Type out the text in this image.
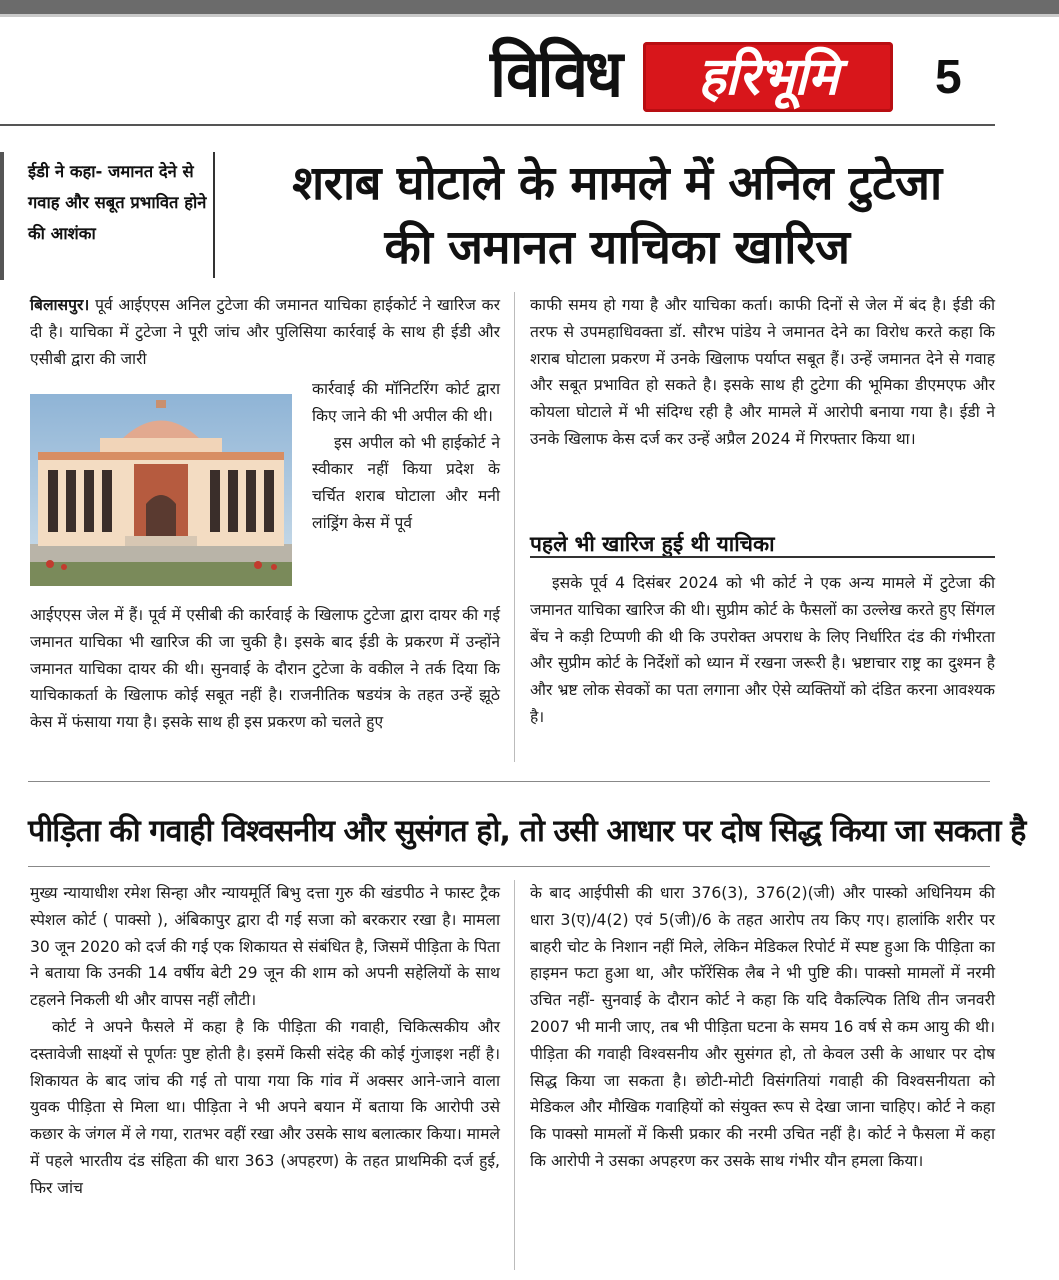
विविध	हरिभूमि	5
ईडी ने कहा- जमानत देने से गवाह और सबूत प्रभावित होने की आशंका
शराब घोटाले के मामले में अनिल टुटेजा
की जमानत याचिका खारिज

बिलासपुर। पूर्व आईएएस अनिल टुटेजा की जमानत याचिका हाईकोर्ट ने खारिज कर दी है। याचिका में टुटेजा ने पूरी जांच और पुलिसिया कार्रवाई के साथ ही ईडी और एसीबी द्वारा की जारी

कार्रवाई की मॉनिटरिंग कोर्ट द्वारा किए जाने की भी अपील की थी।

इस अपील को भी हाईकोर्ट ने स्वीकार नहीं किया प्रदेश के चर्चित शराब घोटाला और मनी लांड्रिंग केस में पूर्व

आईएएस जेल में हैं। पूर्व में एसीबी की कार्रवाई के खिलाफ टुटेजा द्वारा दायर की गई जमानत याचिका भी खारिज की जा चुकी है। इसके बाद ईडी के प्रकरण में उन्होंने जमानत याचिका दायर की थी। सुनवाई के दौरान टुटेजा के वकील ने तर्क दिया कि याचिकाकर्ता के खिलाफ कोई सबूत नहीं है। राजनीतिक षडयंत्र के तहत उन्हें झूठे केस में फंसाया गया है। इसके साथ ही इस प्रकरण को चलते हुए

काफी समय हो गया है और याचिका कर्ता। काफी दिनों से जेल में बंद है। ईडी की तरफ से उपमहाधिवक्ता डॉ. सौरभ पांडेय ने जमानत देने का विरोध करते कहा कि शराब घोटाला प्रकरण में उनके खिलाफ पर्याप्त सबूत हैं। उन्हें जमानत देने से गवाह और सबूत प्रभावित हो सकते है। इसके साथ ही टुटेगा की भूमिका डीएमएफ और कोयला घोटाले में भी संदिग्ध रही है और मामले में आरोपी बनाया गया है। ईडी ने उनके खिलाफ केस दर्ज कर उन्हें अप्रैल 2024 में गिरफ्तार किया था।

पहले भी खारिज हुई थी याचिका

इसके पूर्व 4 दिसंबर 2024 को भी कोर्ट ने एक अन्य मामले में टुटेजा की जमानत याचिका खारिज की थी। सुप्रीम कोर्ट के फैसलों का उल्लेख करते हुए सिंगल बेंच ने कड़ी टिप्पणी की थी कि उपरोक्त अपराध के लिए निर्धारित दंड की गंभीरता और सुप्रीम कोर्ट के निर्देशों को ध्यान में रखना जरूरी है। भ्रष्टाचार राष्ट्र का दुश्मन है और भ्रष्ट लोक सेवकों का पता लगाना और ऐसे व्यक्तियों को दंडित करना आवश्यक है।

पीड़िता की गवाही विश्वसनीय और सुसंगत हो, तो उसी आधार पर दोष सिद्ध किया जा सकता है

मुख्य न्यायाधीश रमेश सिन्हा और न्यायमूर्ति बिभु दत्ता गुरु की खंडपीठ ने फास्ट ट्रैक स्पेशल कोर्ट ( पाक्सो ), अंबिकापुर द्वारा दी गई सजा को बरकरार रखा है। मामला 30 जून 2020 को दर्ज की गई एक शिकायत से संबंधित है, जिसमें पीड़िता के पिता ने बताया कि उनकी 14 वर्षीय बेटी 29 जून की शाम को अपनी सहेलियों के साथ टहलने निकली थी और वापस नहीं लौटी।

कोर्ट ने अपने फैसले में कहा है कि पीड़िता की गवाही, चिकित्सकीय और दस्तावेजी साक्ष्यों से पूर्णतः पुष्ट होती है। इसमें किसी संदेह की कोई गुंजाइश नहीं है। शिकायत के बाद जांच की गई तो पाया गया कि गांव में अक्सर आने-जाने वाला युवक पीड़िता से मिला था। पीड़िता ने भी अपने बयान में बताया कि आरोपी उसे कछार के जंगल में ले गया, रातभर वहीं रखा और उसके साथ बलात्कार किया। मामले में पहले भारतीय दंड संहिता की धारा 363 (अपहरण) के तहत प्राथमिकी दर्ज हुई, फिर जांच

के बाद आईपीसी की धारा 376(3), 376(2)(जी) और पास्को अधिनियम की धारा 3(ए)/4(2) एवं 5(जी)/6 के तहत आरोप तय किए गए। हालांकि शरीर पर बाहरी चोट के निशान नहीं मिले, लेकिन मेडिकल रिपोर्ट में स्पष्ट हुआ कि पीड़िता का हाइमन फटा हुआ था, और फॉरेंसिक लैब ने भी पुष्टि की। पाक्सो मामलों में नरमी उचित नहीं- सुनवाई के दौरान कोर्ट ने कहा कि यदि वैकल्पिक तिथि तीन जनवरी 2007 भी मानी जाए, तब भी पीड़िता घटना के समय 16 वर्ष से कम आयु की थी। पीड़िता की गवाही विश्वसनीय और सुसंगत हो, तो केवल उसी के आधार पर दोष सिद्ध किया जा सकता है। छोटी-मोटी विसंगतियां गवाही की विश्वसनीयता को मेडिकल और मौखिक गवाहियों को संयुक्त रूप से देखा जाना चाहिए। कोर्ट ने कहा कि पाक्सो मामलों में किसी प्रकार की नरमी उचित नहीं है। कोर्ट ने फैसला में कहा कि आरोपी ने उसका अपहरण कर उसके साथ गंभीर यौन हमला किया।
